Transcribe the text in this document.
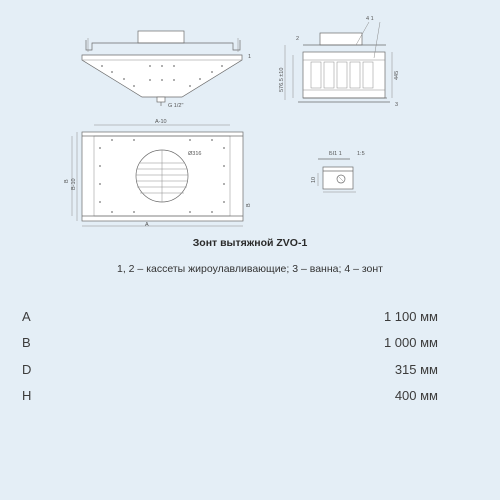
G 1/2"
1
576.5 ±10	445
4 1
2
3
A-10
Ø316
B B-10
A
B
БI1 1	1:5
10
Зонт вытяжной ZVO-1
1, 2 – кассеты жироулавливающие; 3 – ванна; 4 – зонт
A	1 100 мм
B	1 000 мм
D	315 мм
H	400 мм
